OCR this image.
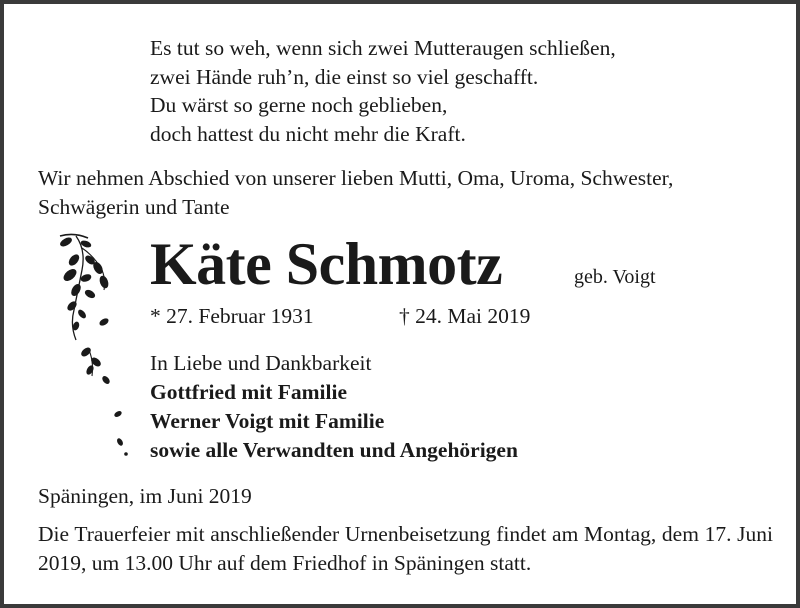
Es tut so weh, wenn sich zwei Mutteraugen schließen,
zwei Hände ruh’n, die einst so viel geschafft.
Du wärst so gerne noch geblieben,
doch hattest du nicht mehr die Kraft.
Wir nehmen Abschied von unserer lieben Mutti, Oma, Uroma, Schwester, Schwägerin und Tante
Käte Schmotz	geb. Voigt
* 27. Februar 1931	† 24. Mai 2019
In Liebe und Dankbarkeit
Gottfried mit Familie
Werner Voigt mit Familie
sowie alle Verwandten und Angehörigen
Späningen, im Juni 2019
Die Trauerfeier mit anschließender Urnenbeisetzung findet am Montag, dem 17. Juni 2019, um 13.00 Uhr auf dem Friedhof in Späningen statt.
